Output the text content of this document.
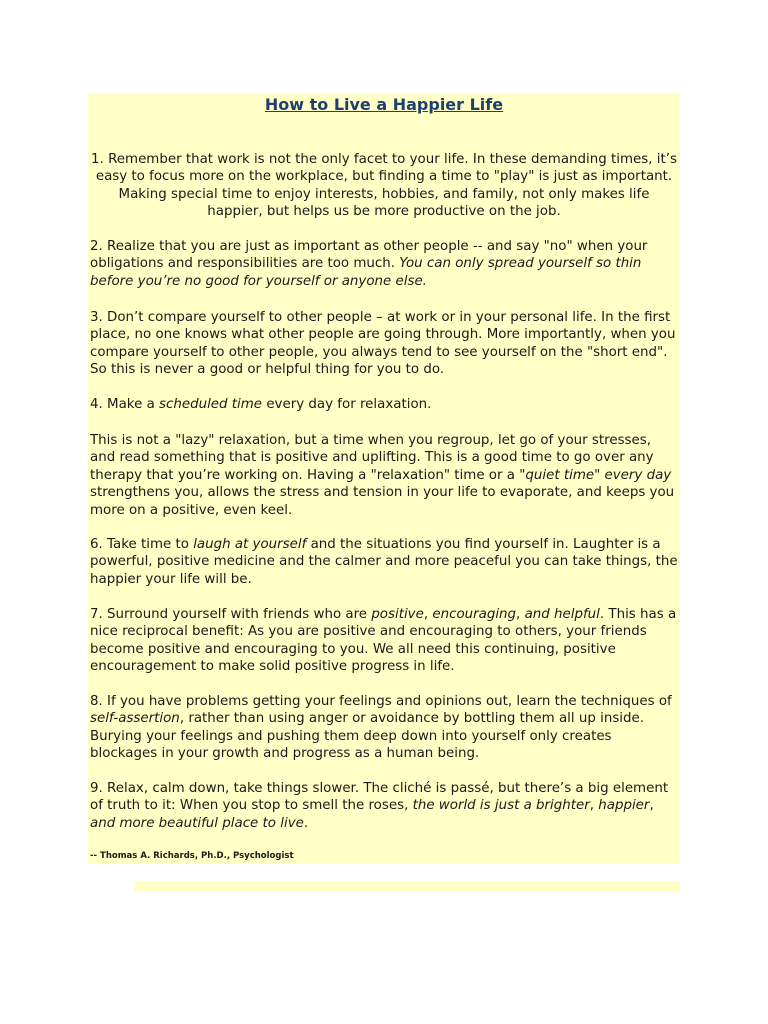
How to Live a Happier Life

1. Remember that work is not the only facet to your life. In these demanding times, it’s easy to focus more on the workplace, but finding a time to "play" is just as important. Making special time to enjoy interests, hobbies, and family, not only makes life happier, but helps us be more productive on the job.

2. Realize that you are just as important as other people -- and say "no" when your obligations and responsibilities are too much. You can only spread yourself so thin before you’re no good for yourself or anyone else.

3. Don’t compare yourself to other people – at work or in your personal life. In the first place, no one knows what other people are going through. More importantly, when you compare yourself to other people, you always tend to see yourself on the "short end". So this is never a good or helpful thing for you to do.

4. Make a scheduled time every day for relaxation.

This is not a "lazy" relaxation, but a time when you regroup, let go of your stresses, and read something that is positive and uplifting. This is a good time to go over any therapy that you’re working on. Having a "relaxation" time or a "quiet time" every day strengthens you, allows the stress and tension in your life to evaporate, and keeps you more on a positive, even keel.

6. Take time to laugh at yourself and the situations you find yourself in. Laughter is a powerful, positive medicine and the calmer and more peaceful you can take things, the happier your life will be.

7. Surround yourself with friends who are positive, encouraging, and helpful. This has a nice reciprocal benefit: As you are positive and encouraging to others, your friends become positive and encouraging to you. We all need this continuing, positive encouragement to make solid positive progress in life.

8. If you have problems getting your feelings and opinions out, learn the techniques of self-assertion, rather than using anger or avoidance by bottling them all up inside. Burying your feelings and pushing them deep down into yourself only creates blockages in your growth and progress as a human being.

9. Relax, calm down, take things slower. The cliché is passé, but there’s a big element of truth to it: When you stop to smell the roses, the world is just a brighter, happier, and more beautiful place to live.

-- Thomas A. Richards, Ph.D., Psychologist
